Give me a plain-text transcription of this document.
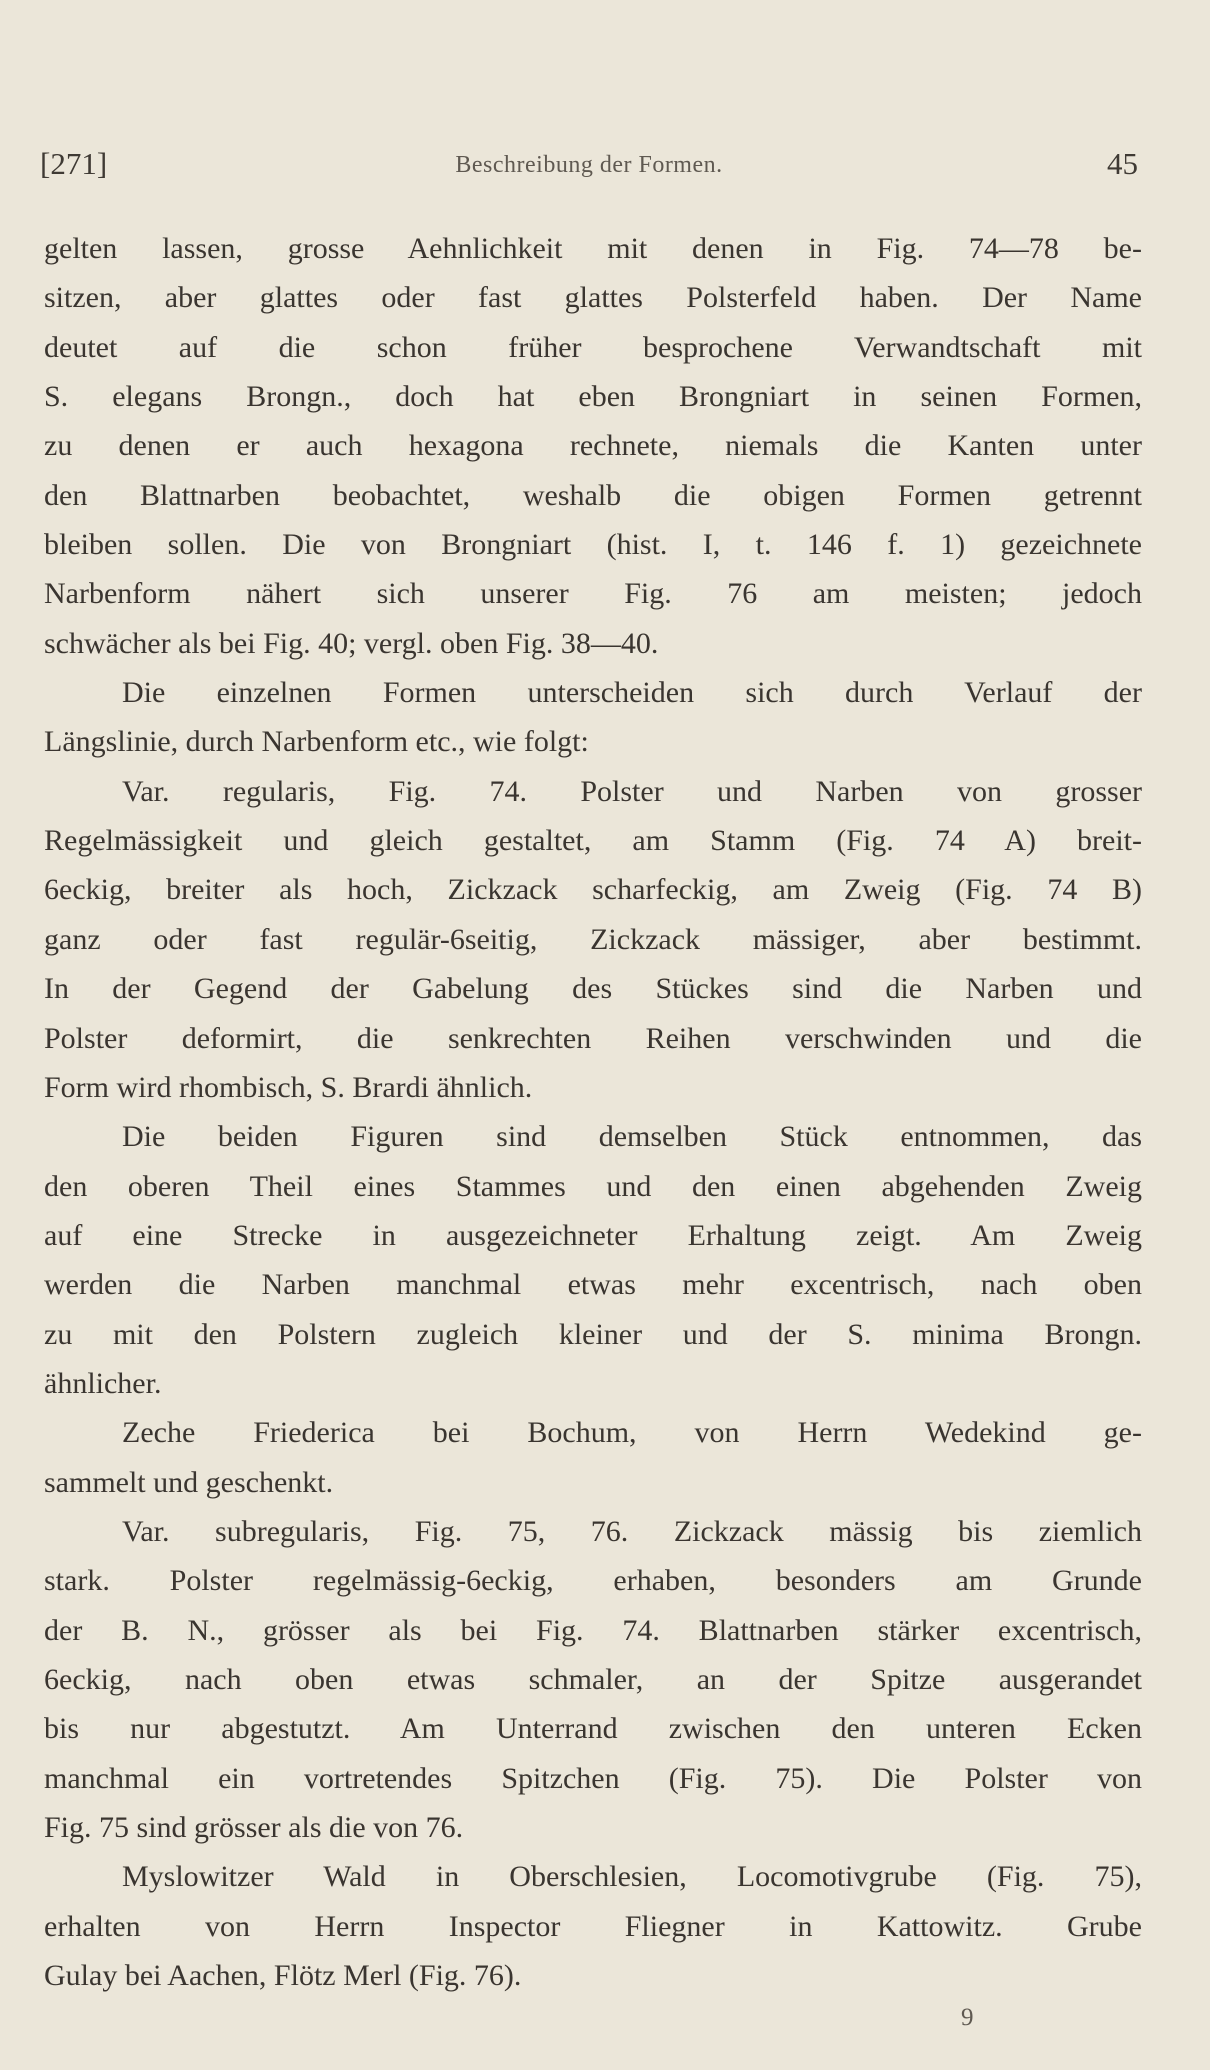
[271]	Beschreibung der Formen.	45
gelten lassen, grosse Aehnlichkeit mit denen in Fig. 74—78 be-
sitzen, aber glattes oder fast glattes Polsterfeld haben. Der Name
deutet auf die schon früher besprochene Verwandtschaft mit
S. elegans Brongn., doch hat eben Brongniart in seinen Formen,
zu denen er auch hexagona rechnete, niemals die Kanten unter
den Blattnarben beobachtet, weshalb die obigen Formen getrennt
bleiben sollen. Die von Brongniart (hist. I, t. 146 f. 1) gezeichnete
Narbenform nähert sich unserer Fig. 76 am meisten; jedoch
schwächer als bei Fig. 40; vergl. oben Fig. 38—40.
Die einzelnen Formen unterscheiden sich durch Verlauf der
Längslinie, durch Narbenform etc., wie folgt:
Var. regularis, Fig. 74. Polster und Narben von grosser
Regelmässigkeit und gleich gestaltet, am Stamm (Fig. 74 A) breit-
6eckig, breiter als hoch, Zickzack scharfeckig, am Zweig (Fig. 74 B)
ganz oder fast regulär-6seitig, Zickzack mässiger, aber bestimmt.
In der Gegend der Gabelung des Stückes sind die Narben und
Polster deformirt, die senkrechten Reihen verschwinden und die
Form wird rhombisch, S. Brardi ähnlich.
Die beiden Figuren sind demselben Stück entnommen, das
den oberen Theil eines Stammes und den einen abgehenden Zweig
auf eine Strecke in ausgezeichneter Erhaltung zeigt. Am Zweig
werden die Narben manchmal etwas mehr excentrisch, nach oben
zu mit den Polstern zugleich kleiner und der S. minima Brongn.
ähnlicher.
Zeche Friederica bei Bochum, von Herrn Wedekind ge-
sammelt und geschenkt.
Var. subregularis, Fig. 75, 76. Zickzack mässig bis ziemlich
stark. Polster regelmässig-6eckig, erhaben, besonders am Grunde
der B. N., grösser als bei Fig. 74. Blattnarben stärker excentrisch,
6eckig, nach oben etwas schmaler, an der Spitze ausgerandet
bis nur abgestutzt. Am Unterrand zwischen den unteren Ecken
manchmal ein vortretendes Spitzchen (Fig. 75). Die Polster von
Fig. 75 sind grösser als die von 76.
Myslowitzer Wald in Oberschlesien, Locomotivgrube (Fig. 75),
erhalten von Herrn Inspector Fliegner in Kattowitz. Grube
Gulay bei Aachen, Flötz Merl (Fig. 76).
9
